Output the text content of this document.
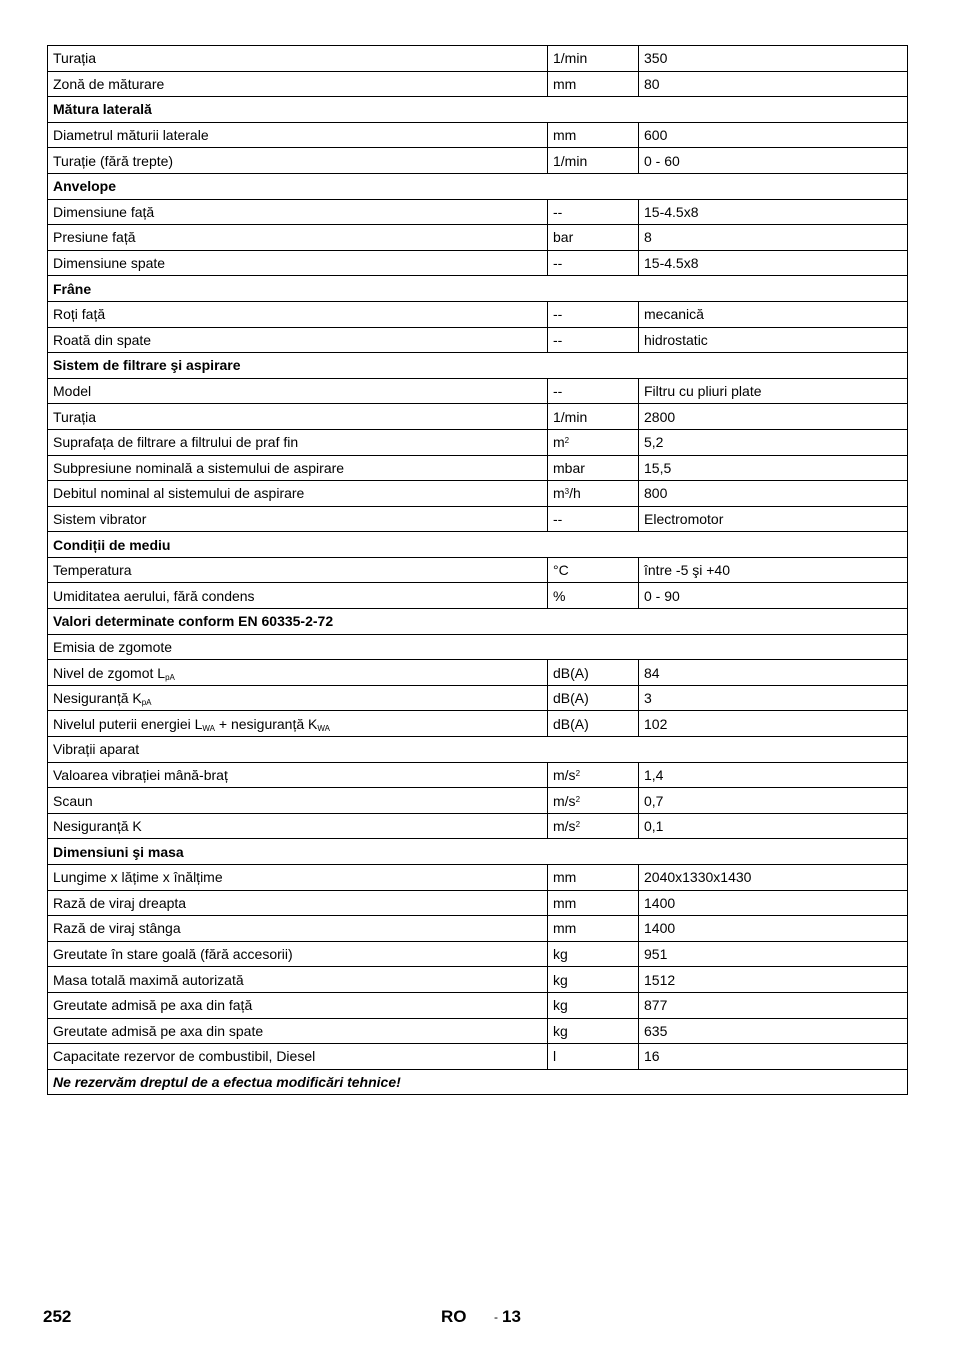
Turația	1/min	350
Zonă de măturare	mm	80
Mătura laterală		
Diametrul măturii laterale	mm	600
Turație (fără trepte)	1/min	0 - 60
Anvelope		
Dimensiune față	--	15-4.5x8
Presiune față	bar	8
Dimensiune spate	--	15-4.5x8
Frâne		
Roți față	--	mecanică
Roată din spate	--	hidrostatic
Sistem de filtrare şi aspirare		
Model	--	Filtru cu pliuri plate
Turația	1/min	2800
Suprafața de filtrare a filtrului de praf fin	$m^2$	5,2
Subpresiune nominală a sistemului de aspirare	mbar	15,5
Debitul nominal al sistemului de aspirare	$m^3/h$	800
Sistem vibrator	--	Electromotor
Condiții de mediu		
Temperatura	°C	între -5 şi +40
Umiditatea aerului, fără condens	%	0 - 90
Valori determinate conform EN 60335-2-72		
Emisia de zgomote		
Nivel de zgomot $L_{pA}$	dB(A)	84
Nesiguranță $K_{pA}$	dB(A)	3
Nivelul puterii energiei $L_{WA}$ + nesiguranță $K_{WA}$	dB(A)	102
Vibrații aparat		
Valoarea vibrației mână-braț	$m/s^2$	1,4
Scaun	$m/s^2$	0,7
Nesiguranță K	$m/s^2$	0,1
Dimensiuni şi masa		
Lungime x lățime x înălțime	mm	2040x1330x1430
Rază de viraj dreapta	mm	1400
Rază de viraj stânga	mm	1400
Greutate în stare goală (fără accesorii)	kg	951
Masa totală maximă autorizată	kg	1512
Greutate admisă pe axa din față	kg	877
Greutate admisă pe axa din spate	kg	635
Capacitate rezervor de combustibil, Diesel	l	16
Ne rezervăm dreptul de a efectua modificări tehnice!		
252	RO - 13
